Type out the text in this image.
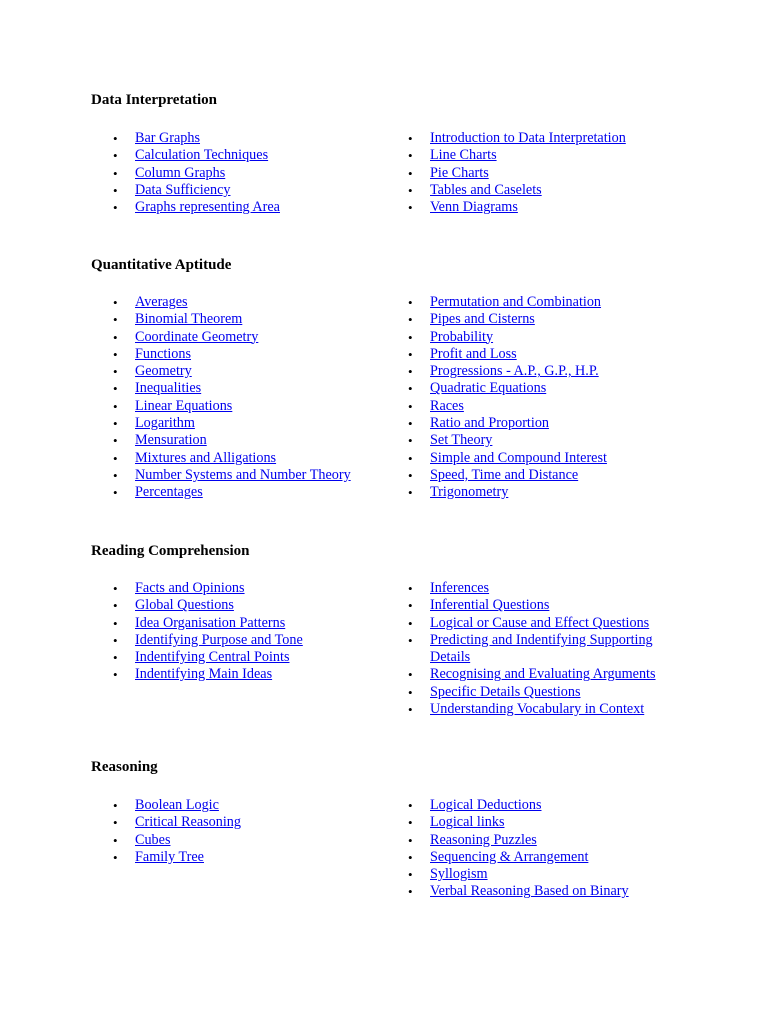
Data Interpretation
• Bar Graphs
• Calculation Techniques
• Column Graphs
• Data Sufficiency
• Graphs representing Area
• Introduction to Data Interpretation
• Line Charts
• Pie Charts
• Tables and Caselets
• Venn Diagrams
Quantitative Aptitude
• Averages
• Binomial Theorem
• Coordinate Geometry
• Functions
• Geometry
• Inequalities
• Linear Equations
• Logarithm
• Mensuration
• Mixtures and Alligations
• Number Systems and Number Theory
• Percentages
• Permutation and Combination
• Pipes and Cisterns
• Probability
• Profit and Loss
• Progressions - A.P., G.P., H.P.
• Quadratic Equations
• Races
• Ratio and Proportion
• Set Theory
• Simple and Compound Interest
• Speed, Time and Distance
• Trigonometry
Reading Comprehension
• Facts and Opinions
• Global Questions
• Idea Organisation Patterns
• Identifying Purpose and Tone
• Indentifying Central Points
• Indentifying Main Ideas
• Inferences
• Inferential Questions
• Logical or Cause and Effect Questions
• Predicting and Indentifying Supporting Details
• Recognising and Evaluating Arguments
• Specific Details Questions
• Understanding Vocabulary in Context
Reasoning
• Boolean Logic
• Critical Reasoning
• Cubes
• Family Tree
• Logical Deductions
• Logical links
• Reasoning Puzzles
• Sequencing & Arrangement
• Syllogism
• Verbal Reasoning Based on Binary
